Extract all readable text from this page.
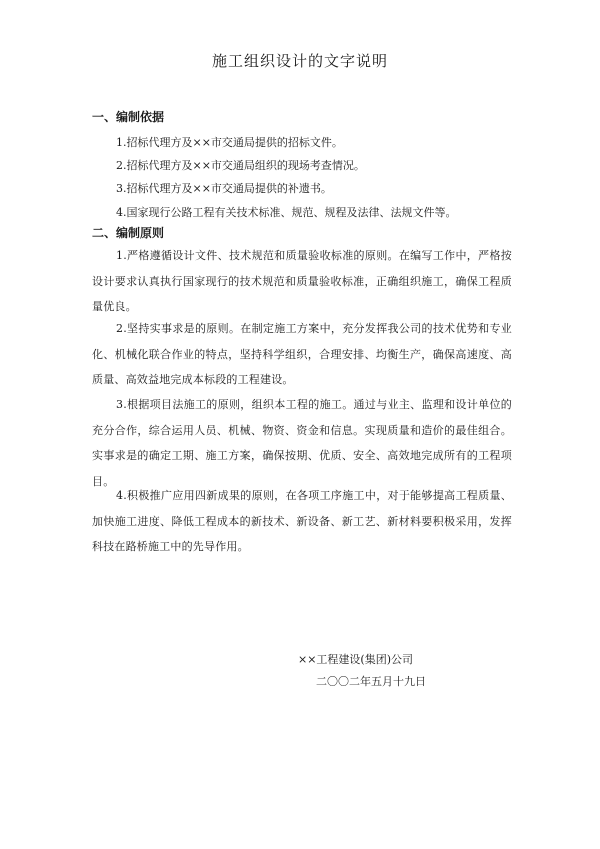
施工组织设计的文字说明
一、编制依据
1.招标代理方及××市交通局提供的招标文件。
2.招标代理方及××市交通局组织的现场考查情况。
3.招标代理方及××市交通局提供的补遗书。
4.国家现行公路工程有关技术标准、规范、规程及法律、法规文件等。
二、编制原则
1.严格遵循设计文件、技术规范和质量验收标准的原则。在编写工作中，严格按设计要求认真执行国家现行的技术规范和质量验收标准，正确组织施工，确保工程质量优良。
2.坚持实事求是的原则。在制定施工方案中，充分发挥我公司的技术优势和专业化、机械化联合作业的特点，坚持科学组织，合理安排、均衡生产，确保高速度、高质量、高效益地完成本标段的工程建设。
3.根据项目法施工的原则，组织本工程的施工。通过与业主、监理和设计单位的充分合作，综合运用人员、机械、物资、资金和信息。实现质量和造价的最佳组合。实事求是的确定工期、施工方案，确保按期、优质、安全、高效地完成所有的工程项目。
4.积极推广应用四新成果的原则，在各项工序施工中，对于能够提高工程质量、加快施工进度、降低工程成本的新技术、新设备、新工艺、新材料要积极采用，发挥科技在路桥施工中的先导作用。
××工程建设(集团)公司
二〇〇二年五月十九日
